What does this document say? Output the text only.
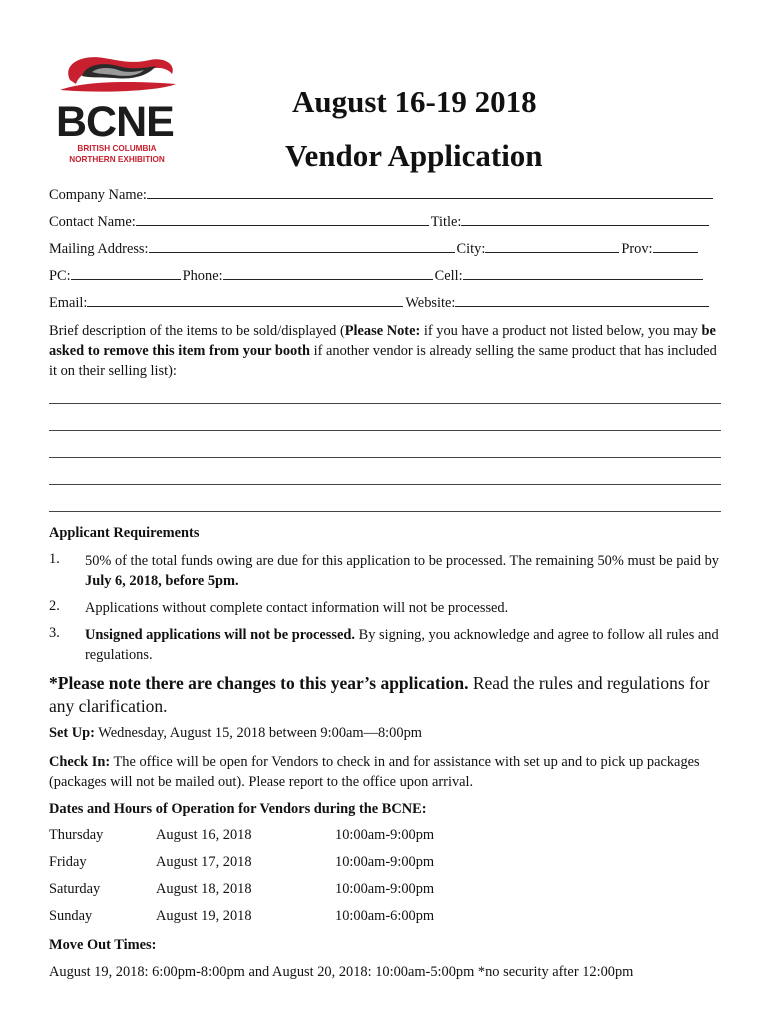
BCNE
BRITISH COLUMBIA
NORTHERN EXHIBITION
August 16-19 2018
Vendor Application
Company Name:
Contact Name:	Title:
Mailing Address:	City:	Prov:
PC:	Phone:	Cell:
Email:	Website:
Brief description of the items to be sold/displayed (Please Note: if you have a product not listed below, you may be asked to remove this item from your booth if another vendor is already selling the same product that has included it on their selling list):
Applicant Requirements
1. 50% of the total funds owing are due for this application to be processed. The remaining 50% must be paid by July 6, 2018, before 5pm.
2. Applications without complete contact information will not be processed.
3. Unsigned applications will not be processed. By signing, you acknowledge and agree to follow all rules and regulations.
*Please note there are changes to this year’s application. Read the rules and regulations for any clarification.
Set Up: Wednesday, August 15, 2018 between 9:00am—8:00pm
Check In: The office will be open for Vendors to check in and for assistance with set up and to pick up packages (packages will not be mailed out). Please report to the office upon arrival.
Dates and Hours of Operation for Vendors during the BCNE:
Thursday	August 16, 2018	10:00am-9:00pm
Friday	August 17, 2018	10:00am-9:00pm
Saturday	August 18, 2018	10:00am-9:00pm
Sunday	August 19, 2018	10:00am-6:00pm
Move Out Times:
August 19, 2018: 6:00pm-8:00pm and August 20, 2018: 10:00am-5:00pm *no security after 12:00pm
